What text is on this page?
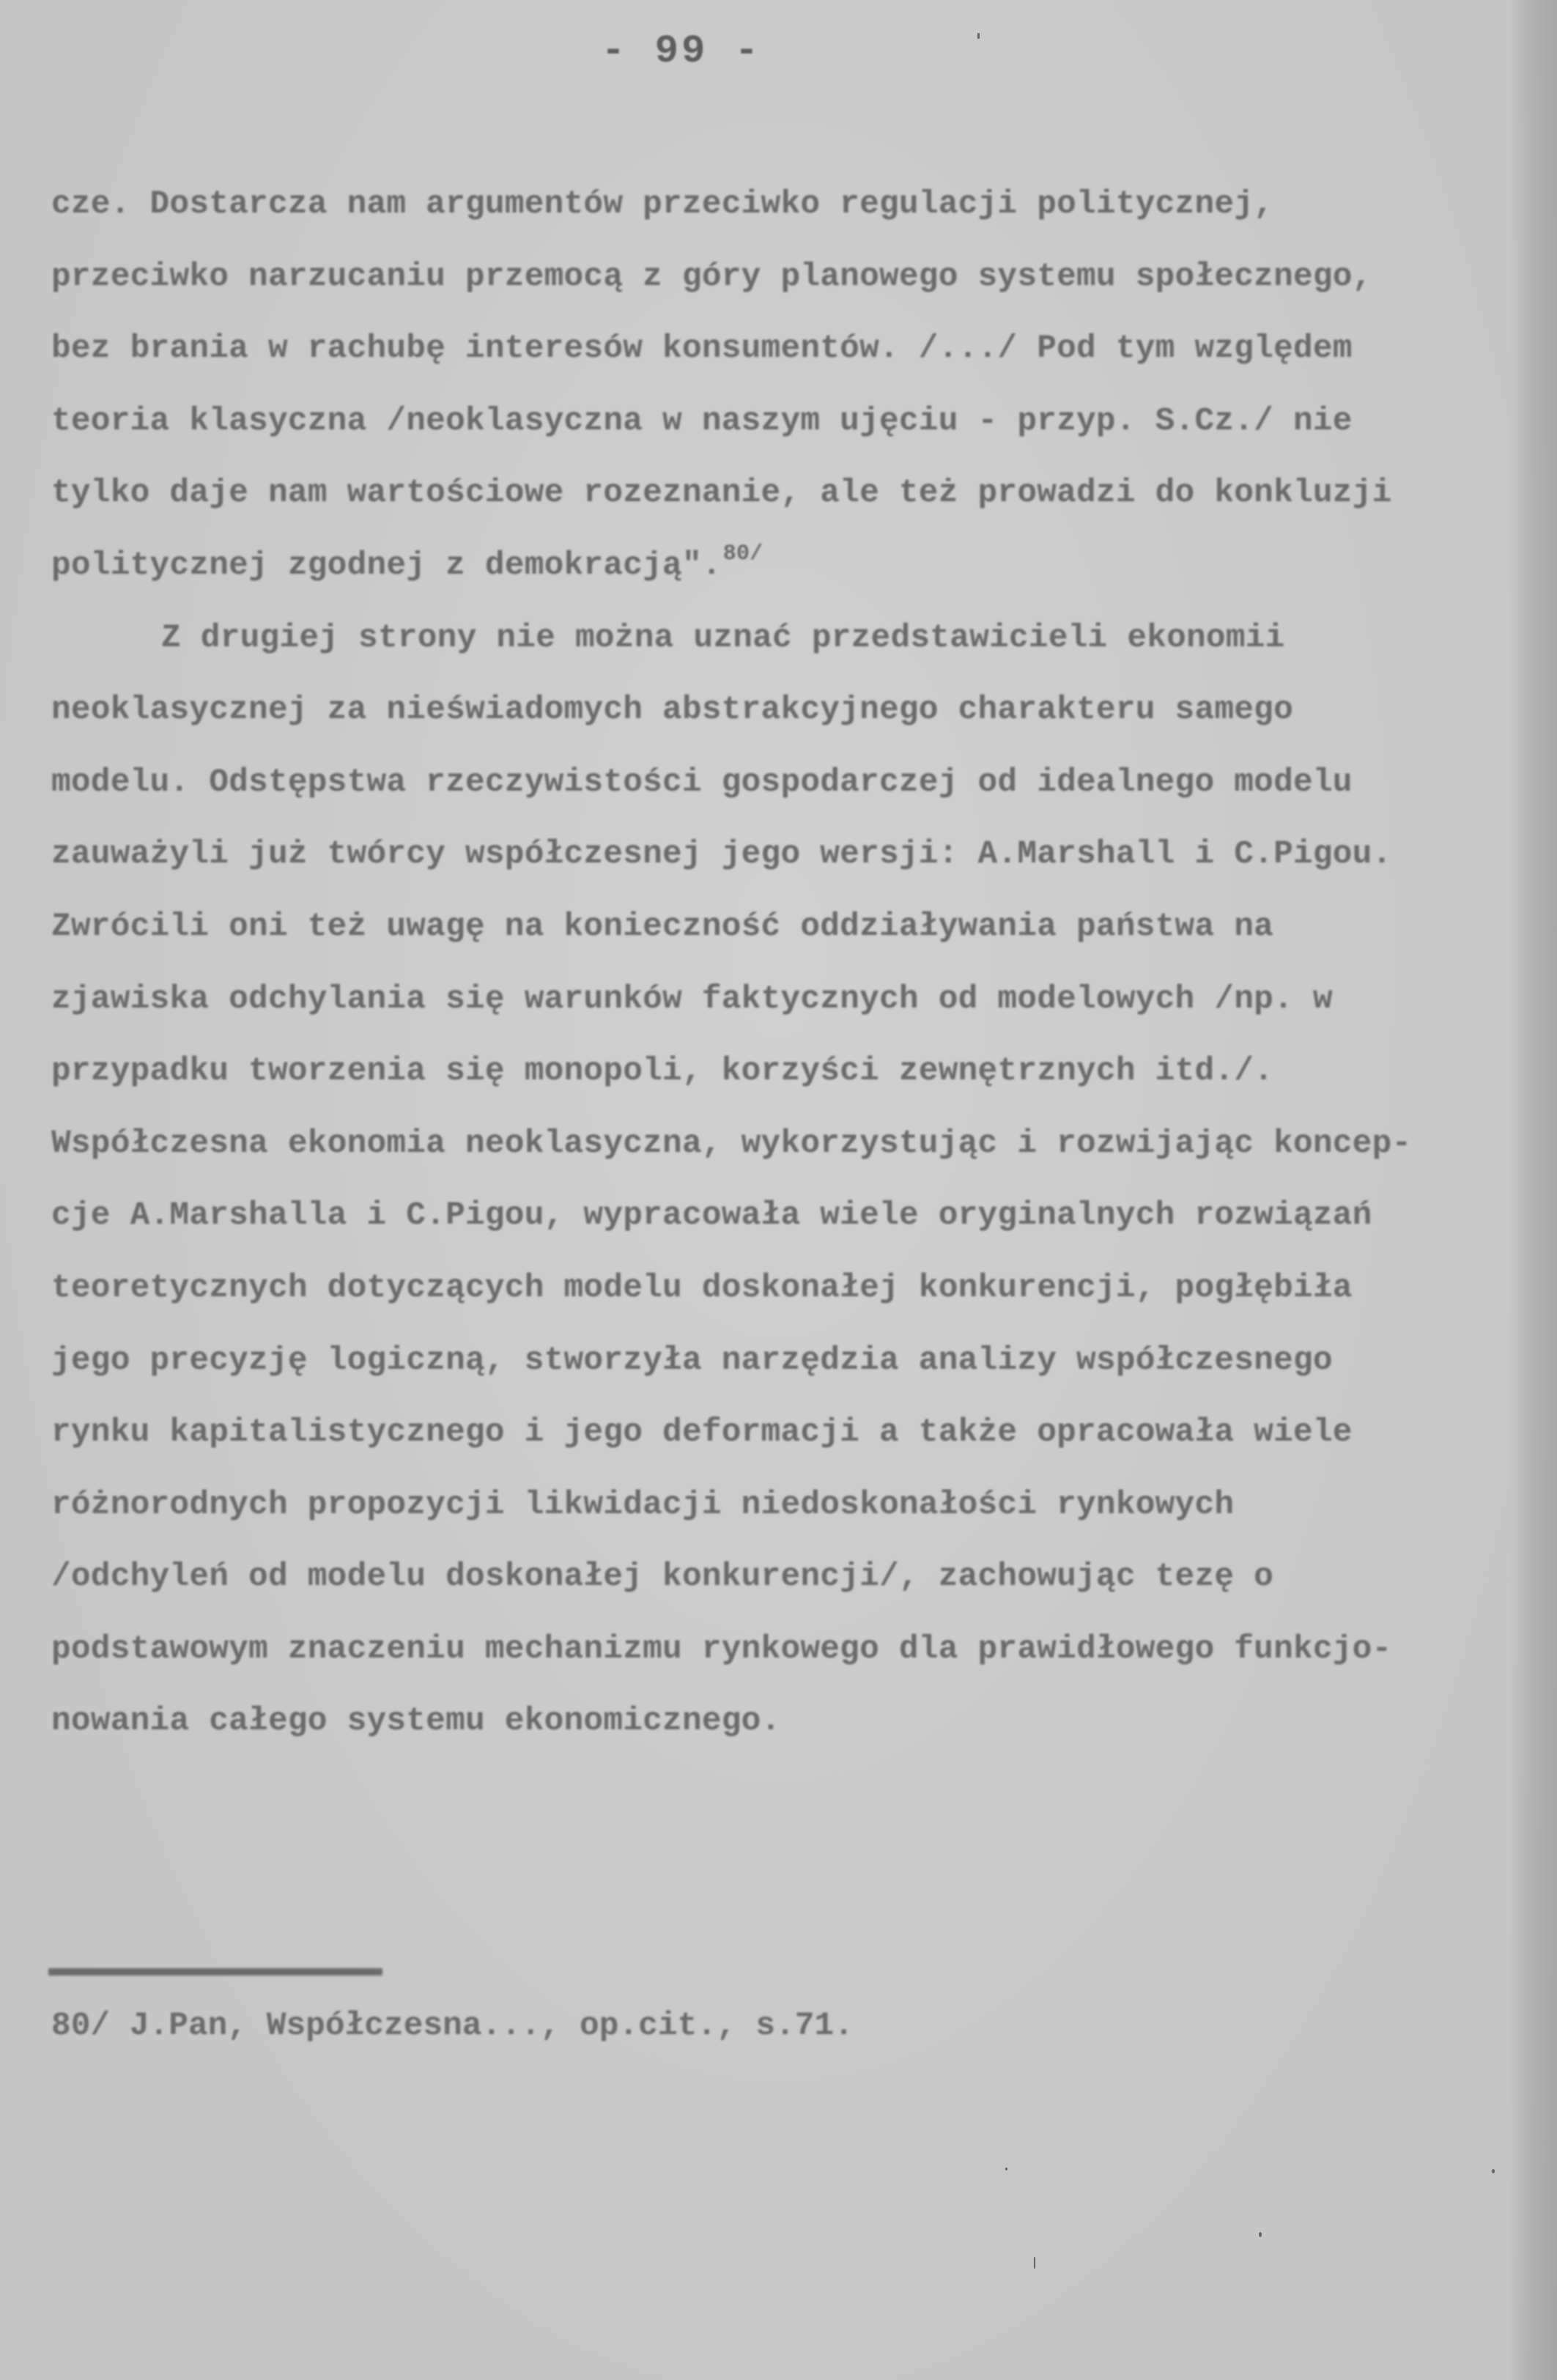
- 99 -
cze. Dostarcza nam argumentów przeciwko regulacji politycznej,
przeciwko narzucaniu przemocą z góry planowego systemu społecznego,
bez brania w rachubę interesów konsumentów. /.../ Pod tym względem
teoria klasyczna /neoklasyczna w naszym ujęciu - przyp. S.Cz./ nie
tylko daje nam wartościowe rozeznanie, ale też prowadzi do konkluzji
politycznej zgodnej z demokracją".$^{80/}$
Z drugiej strony nie można uznać przedstawicieli ekonomii
neoklasycznej za nieświadomych abstrakcyjnego charakteru samego
modelu. Odstępstwa rzeczywistości gospodarczej od idealnego modelu
zauważyli już twórcy współczesnej jego wersji: A.Marshall i C.Pigou.
Zwrócili oni też uwagę na konieczność oddziaływania państwa na
zjawiska odchylania się warunków faktycznych od modelowych /np. w
przypadku tworzenia się monopoli, korzyści zewnętrznych itd./.
Współczesna ekonomia neoklasyczna, wykorzystując i rozwijając koncep-
cje A.Marshalla i C.Pigou, wypracowała wiele oryginalnych rozwiązań
teoretycznych dotyczących modelu doskonałej konkurencji, pogłębiła
jego precyzję logiczną, stworzyła narzędzia analizy współczesnego
rynku kapitalistycznego i jego deformacji a także opracowała wiele
różnorodnych propozycji likwidacji niedoskonałości rynkowych
/odchyleń od modelu doskonałej konkurencji/, zachowując tezę o
podstawowym znaczeniu mechanizmu rynkowego dla prawidłowego funkcjo-
nowania całego systemu ekonomicznego.
80/ J.Pan, Współczesna..., op.cit., s.71.
